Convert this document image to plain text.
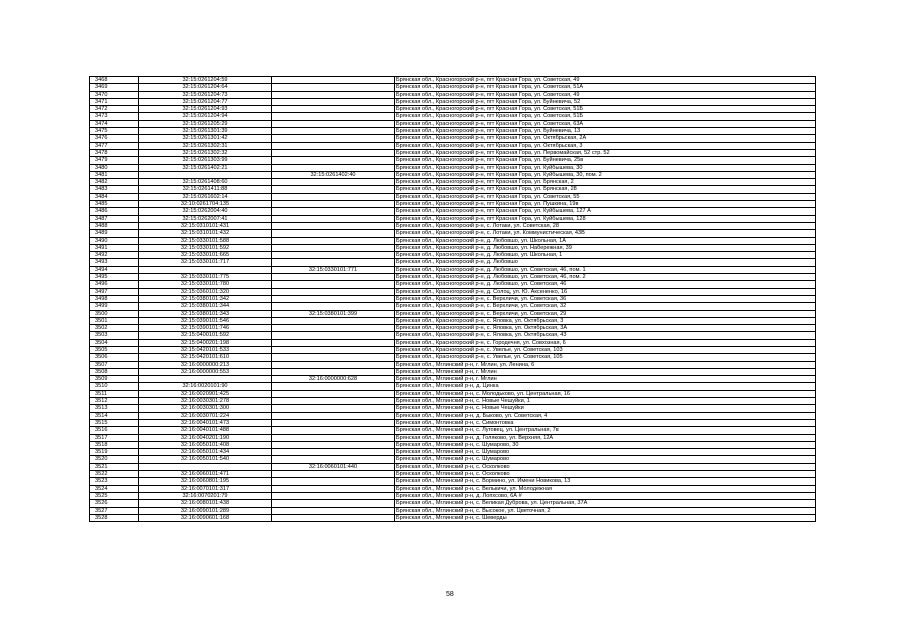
3468	32:15:0261204:59		Брянская обл., Красногорский р-н, пгт Красная Гора, ул. Советская, 49
3469	32:15:0261204:64		Брянская обл., Красногорский р-н, пгт Красная Гора, ул. Советская, 51А
3470	32:15:0261204:73		Брянская обл., Красногорский р-н, пгт Красная Гора, ул. Советская, 49
3471	32:15:0261204:77		Брянская обл., Красногорский р-н, пгт Красная Гора, ул. Буйневича, 52
3472	32:15:0261204:93		Брянская обл., Красногорский р-н, пгт Красная Гора, ул. Советская, 51Б
3473	32:15:0261204:94		Брянская обл., Красногорский р-н, пгт Красная Гора, ул. Советская, 51Б
3474	32:15:0261205:29		Брянская обл., Красногорский р-н, пгт Красная Гора, ул. Советская, 63А
3475	32:15:0261301:39		Брянская обл., Красногорский р-н, пгт Красная Гора, ул. Буйневича, 13
3476	32:15:0261301:42		Брянская обл., Красногорский р-н, пгт Красная Гора, ул. Октябрьская, 2А
3477	32:15:0261302:31		Брянская обл., Красногорский р-н, пгт Красная Гора, ул. Октябрьская, 3
3478	32:15:0261302:32		Брянская обл., Красногорский р-н, пгт Красная Гора, ул. Первомайская, 52 стр. 52
3479	32:15:0261303:99		Брянская обл., Красногорский р-н, пгт Красная Гора, ул. Буйневича, 25в
3480	32:15:0261402:21		Брянская обл., Красногорский р-н, пгт Красная Гора, ул. Куйбышева, 30
3481		32:15:0261402:40	Брянская обл., Красногорский р-н, пгт Красная Гора, ул. Куйбышева, 30, пом. 2
3482	32:15:0261408:60		Брянская обл., Красногорский р-н, пгт Красная Гора, ул. Брянская, 2
3483	32:15:0261411:88		Брянская обл., Красногорский р-н, пгт Красная Гора, ул. Брянская, 28
3484	32:15:0261602:14		Брянская обл., Красногорский р-н, пгт Красная Гора, ул. Советская, 55
3485	32:10:0261704:135		Брянская обл., Красногорский р-н, пгт Красная Гора, ул. Пушкина, 19в
3486	32:15:0262004:40		Брянская обл., Красногорский р-н, пгт Красная Гора, ул. Куйбышева, 127 А
3487	32:15:0262007:41		Брянская обл., Красногорский р-н, пгт Красная Гора, ул. Куйбышева, 128
3488	32:15:0310101:431		Брянская обл., Красногорский р-н, с. Лотаки, ул. Советская, 28
3489	32:15:0310101:432		Брянская обл., Красногорский р-н, с. Лотаки, ул. Коммунистическая, 43В
3490	32:15:0330101:588		Брянская обл., Красногорский р-н, д. Любовшо, ул. Школьная, 1А
3491	32:15:0330101:592		Брянская обл., Красногорский р-н, д. Любовшо, ул. Набережная, 39
3492	32:15:0330101:665		Брянская обл., Красногорский р-н, д. Любовшо, ул. Школьная, 1
3493	32:15:0330101:717		Брянская обл., Красногорский р-н, д. Любовшо
3494		32:15:0330101:771	Брянская обл., Красногорский р-н, д. Любовшо, ул. Советская, 46, пом. 1
3495	32:15:0330101:775		Брянская обл., Красногорский р-н, д. Любовшо, ул. Советская, 46, пом. 2
3496	32:15:0330101:780		Брянская обл., Красногорский р-н, д. Любовшо, ул. Советская, 46
3497	32:15:0360101:320		Брянская обл., Красногорский р-н, д. Солоц, ул. Ю. Аксененко, 16
3498	32:15:0380101:342		Брянская обл., Красногорский р-н, с. Верхличи, ул. Советская, 36
3499	32:15:0380101:344		Брянская обл., Красногорский р-н, с. Верхличи, ул. Советская, 32
3500	32:15:0380101:343	32:15:0380101:399	Брянская обл., Красногорский р-н, с. Верхличи, ул. Советская, 29
3501	32:15:0390101:546		Брянская обл., Красногорский р-н, с. Яловка, ул. Октябрьская, 3
3502	32:15:0390101:746		Брянская обл., Красногорский р-н, с. Яловка, ул. Октябрьская, 3А
3503	32:15:0400101:592		Брянская обл., Красногорский р-н, с. Яловка, ул. Октябрьская, 43
3504	32:15:0400201:198		Брянская обл., Красногорский р-н, с. Городечня, ул. Совхозная, 6
3505	32:15:0420101:533		Брянская обл., Красногорский р-н, с. Увелье, ул. Советская, 103
3506	32:15:0420101:610		Брянская обл., Красногорский р-н, с. Увелье, ул. Советская, 105
3507	32:16:0000000:213		Брянская обл., Мглинский р-н, г. Мглин, ул. Ленина, 6
3508	32:16:0000000:553		Брянская обл., Мглинский р-н, г. Мглин
3509		32:16:0000000:628	Брянская обл., Мглинский р-н, г. Мглин
3510	32:16:0020101:90		Брянская обл., Мглинский р-н, д. Цинка
3511	32:16:0020901:425		Брянская обл., Мглинский р-н, с. Молодьково, ул. Центральная, 16
3512	32:16:0030301:278		Брянская обл., Мглинский р-н, с. Новые Чешуйки, 1
3513	32:16:0030301:300		Брянская обл., Мглинский р-н, с. Новые Чешуйки
3514	32:16:0030701:224		Брянская обл., Мглинский р-н, д. Быково, ул. Советская, 4
3515	32:16:0040101:473		Брянская обл., Мглинский р-н, с. Симонтовка
3516	32:16:0040101:488		Брянская обл., Мглинский р-н, с. Луговец, ул. Центральная, 7в
3517	32:16:0040201:190		Брянская обл., Мглинский р-н, д. Голяково, ул. Верхняя, 12А
3518	32:16:0050101:408		Брянская обл., Мглинский р-н, с. Шумарово, 30
3519	32:16:0050101:434		Брянская обл., Мглинский р-н, с. Шумарово
3520	32:16:0050101:540		Брянская обл., Мглинский р-н, с. Шумарово
3521		32:16:0060101:440	Брянская обл., Мглинский р-н, с. Осколково
3522	32:16:0060101:471		Брянская обл., Мглинский р-н, с. Осколково
3523	32:16:0060801:195		Брянская обл., Мглинский р-н, с. Вормино, ул. Имени Новикова, 13
3524	32:16:0070101:317		Брянская обл., Мглинский р-н, с. Велькичи, ул. Молодежная
3525	32:16:0070201:79		Брянская обл., Мглинский р-н, д. Лопхсово, 6А #
3526	32:16:0080101:438		Брянская обл., Мглинский р-н, с. Великая Дуброва, ул. Центральная, 37А
3527	32:16:0090101:289		Брянская обл., Мглинский р-н, с. Высокое, ул. Цветочная, 2
3528	32:16:0090601:168		Брянская обл., Мглинский р-н, с. Шеверды
58
